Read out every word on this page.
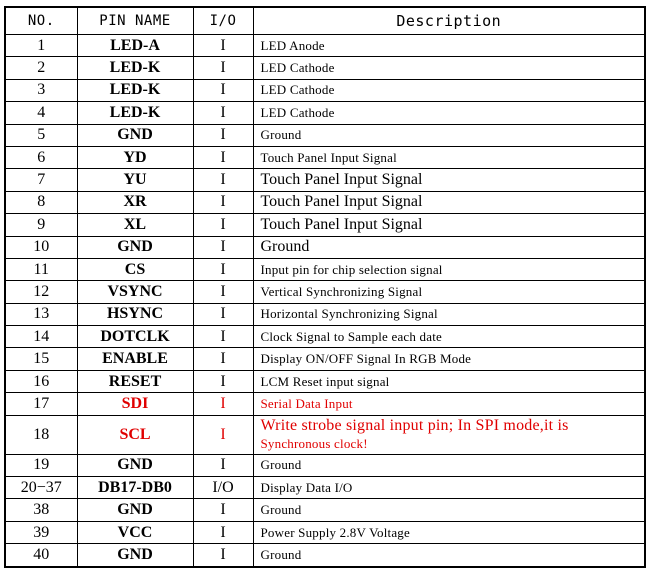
NO.	PIN NAME	I/O	Description
1	LED-A	I	LED Anode
2	LED-K	I	LED Cathode
3	LED-K	I	LED Cathode
4	LED-K	I	LED Cathode
5	GND	I	Ground
6	YD	I	Touch Panel Input Signal
7	YU	I	Touch Panel Input Signal
8	XR	I	Touch Panel Input Signal
9	XL	I	Touch Panel Input Signal
10	GND	I	Ground
11	CS	I	Input pin for chip selection signal
12	VSYNC	I	Vertical Synchronizing Signal
13	HSYNC	I	Horizontal Synchronizing Signal
14	DOTCLK	I	Clock Signal to Sample each date
15	ENABLE	I	Display ON/OFF Signal In RGB Mode
16	RESET	I	LCM Reset input signal
17	SDI	I	Serial Data Input
18	SCL	I	Write strobe signal input pin; In SPI mode,it is
Synchronous clock!

19	GND	I	Ground
20−37	DB17-DB0	I/O	Display Data I/O
38	GND	I	Ground
39	VCC	I	Power Supply 2.8V Voltage
40	GND	I	Ground
